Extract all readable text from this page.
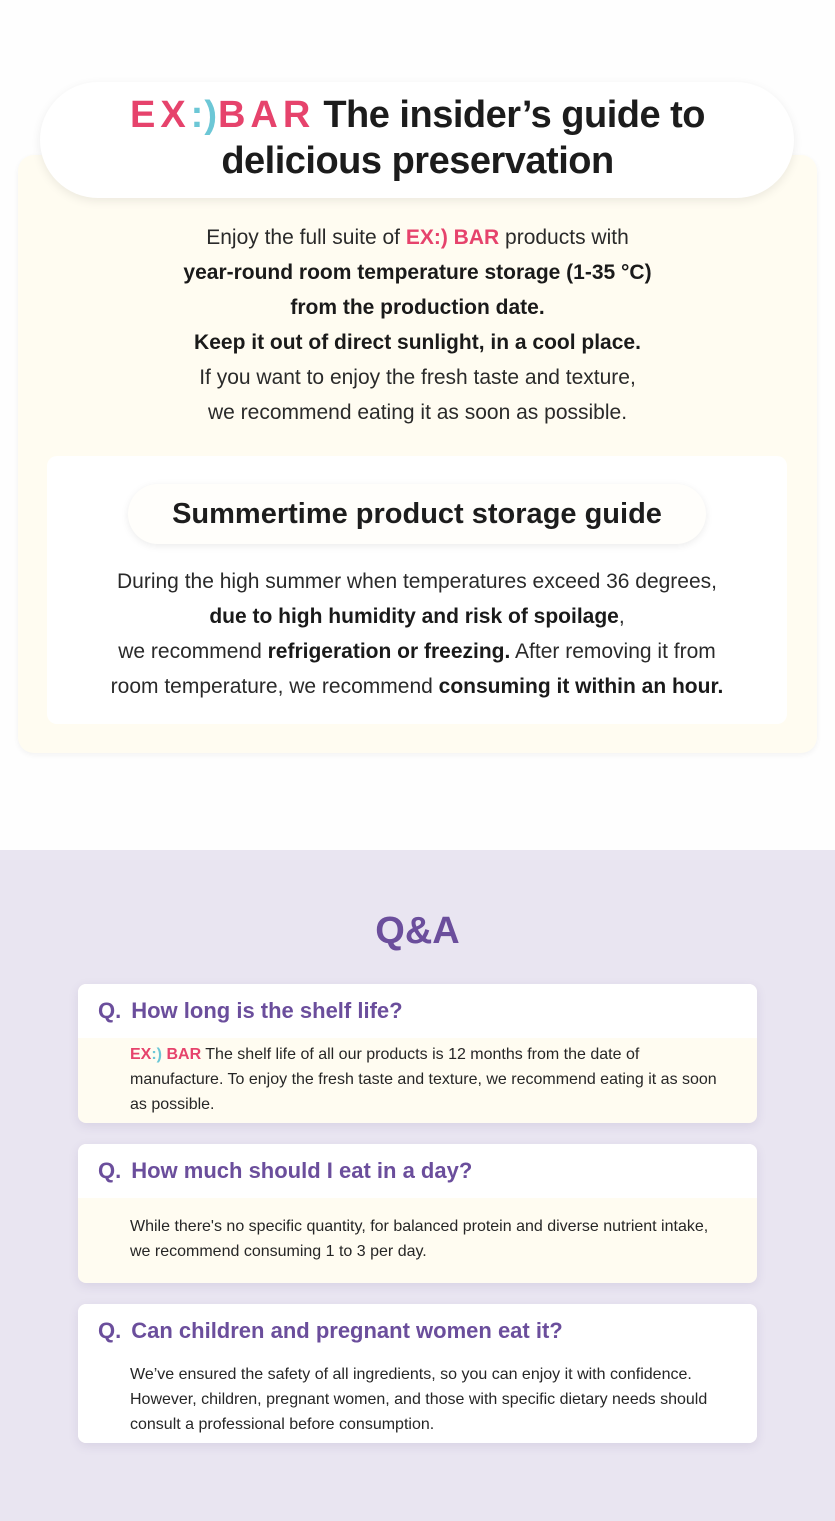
EX:)BAR The insider’s guide to
delicious preservation
Enjoy the full suite of EX:) BAR products with
year-round room temperature storage (1-35 °C)
from the production date.
Keep it out of direct sunlight, in a cool place.
If you want to enjoy the fresh taste and texture,
we recommend eating it as soon as possible.
Summertime product storage guide
During the high summer when temperatures exceed 36 degrees,
due to high humidity and risk of spoilage,
we recommend refrigeration or freezing. After removing it from
room temperature, we recommend consuming it within an hour.
Q&A
Q. How long is the shelf life?
EX:) BAR The shelf life of all our products is 12 months from the date of manufacture. To enjoy the fresh taste and texture, we recommend eating it as soon as possible.
Q. How much should I eat in a day?
While there's no specific quantity, for balanced protein and diverse nutrient intake, we recommend consuming 1 to 3 per day.
Q. Can children and pregnant women eat it?
We’ve ensured the safety of all ingredients, so you can enjoy it with confidence. However, children, pregnant women, and those with specific dietary needs should consult a professional before consumption.
